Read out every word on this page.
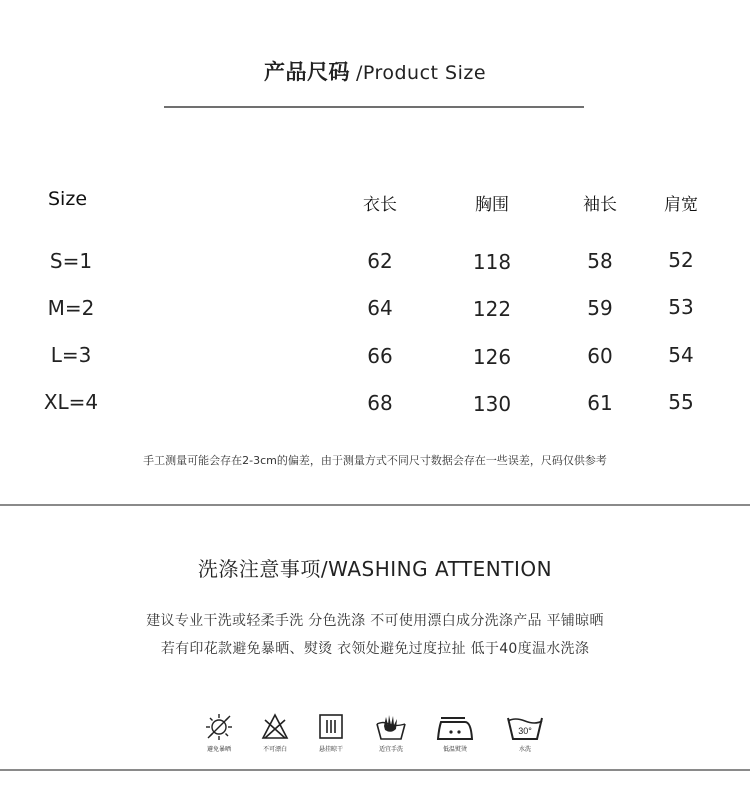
产品尺码 /Product Size
Size	衣长	胸围	袖长	肩宽
S=1	62	118	58	52
M=2	64	122	59	53
L=3	66	126	60	54
XL=4	68	130	61	55
手工测量可能会存在2-3cm的偏差，由于测量方式不同尺寸数据会存在一些误差，尺码仅供参考
洗涤注意事项/WASHING ATTENTION
建议专业干洗或轻柔手洗 分色洗涤 不可使用漂白成分洗涤产品 平铺晾晒
若有印花款避免暴晒、熨烫 衣领处避免过度拉扯 低于40度温水洗涤
避免暴晒	不可漂白	悬挂晾干	适宜手洗	低温熨烫
30°
水洗
